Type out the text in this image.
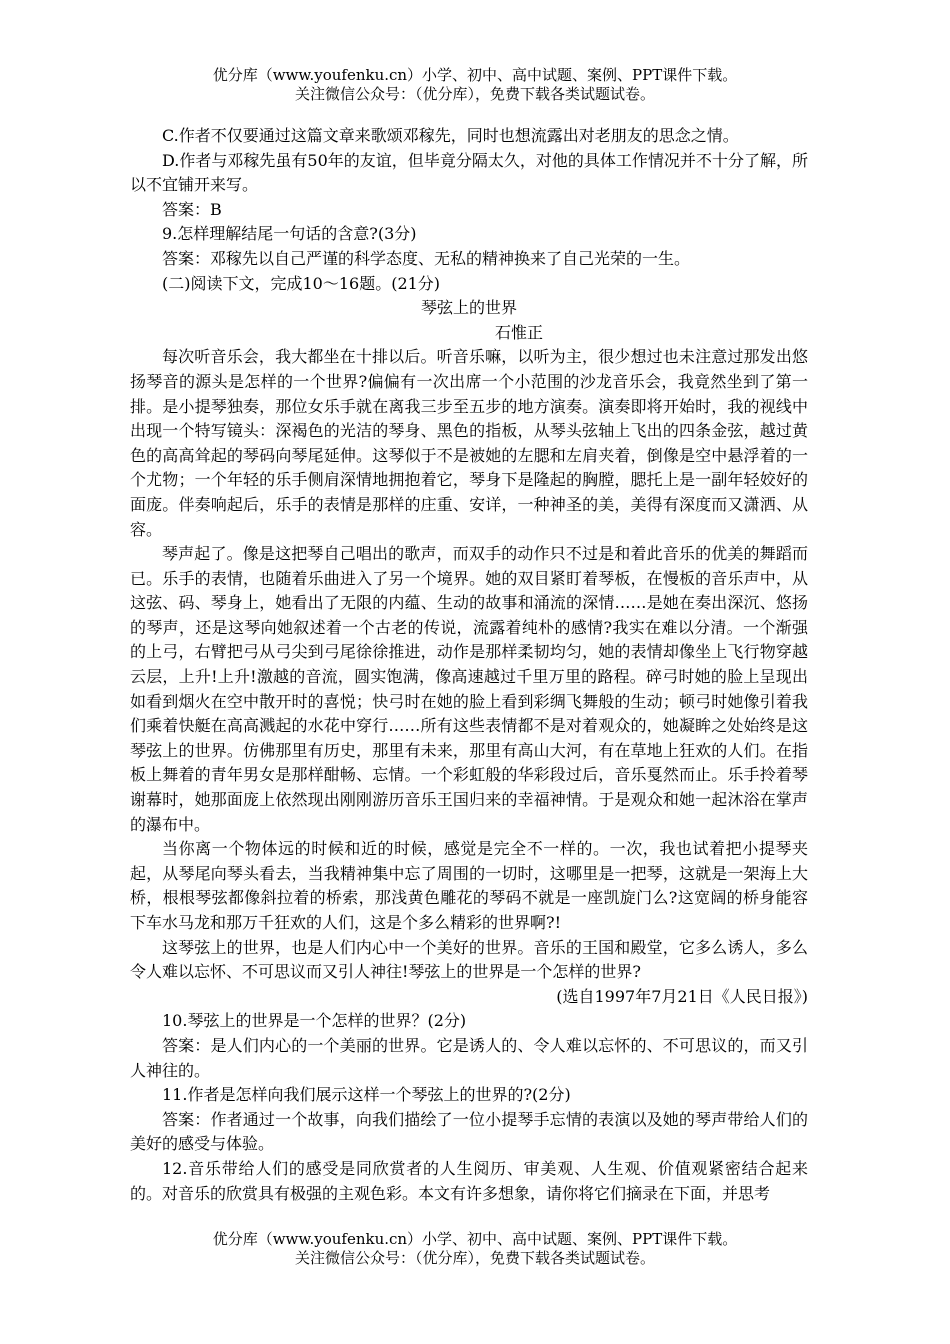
优分库（www.youfenku.cn）小学、初中、高中试题、案例、PPT课件下载。
关注微信公众号：（优分库），免费下载各类试题试卷。

C.作者不仅要通过这篇文章来歌颂邓稼先，同时也想流露出对老朋友的思念之情。

D.作者与邓稼先虽有50年的友谊，但毕竟分隔太久，对他的具体工作情况并不十分了解，所以不宜铺开来写。

答案：B

9.怎样理解结尾一句话的含意?(3分)

答案：邓稼先以自己严谨的科学态度、无私的精神换来了自己光荣的一生。

(二)阅读下文，完成10～16题。(21分)

琴弦上的世界

石惟正

每次听音乐会，我大都坐在十排以后。听音乐嘛，以听为主，很少想过也未注意过那发出悠扬琴音的源头是怎样的一个世界?偏偏有一次出席一个小范围的沙龙音乐会，我竟然坐到了第一排。是小提琴独奏，那位女乐手就在离我三步至五步的地方演奏。演奏即将开始时，我的视线中出现一个特写镜头：深褐色的光洁的琴身、黑色的指板，从琴头弦轴上飞出的四条金弦，越过黄色的高高耸起的琴码向琴尾延伸。这琴似于不是被她的左腮和左肩夹着，倒像是空中悬浮着的一个尤物；一个年轻的乐手侧肩深情地拥抱着它，琴身下是隆起的胸膛，腮托上是一副年轻姣好的面庞。伴奏响起后，乐手的表情是那样的庄重、安详，一种神圣的美，美得有深度而又潇洒、从容。

琴声起了。像是这把琴自己唱出的歌声，而双手的动作只不过是和着此音乐的优美的舞蹈而已。乐手的表情，也随着乐曲进入了另一个境界。她的双目紧盯着琴板，在慢板的音乐声中，从这弦、码、琴身上，她看出了无限的内蕴、生动的故事和涌流的深情……是她在奏出深沉、悠扬的琴声，还是这琴向她叙述着一个古老的传说，流露着纯朴的感情?我实在难以分清。一个渐强的上弓，右臂把弓从弓尖到弓尾徐徐推进，动作是那样柔韧均匀，她的表情却像坐上飞行物穿越云层，上升!上升!激越的音流，圆实饱满，像高速越过千里万里的路程。碎弓时她的脸上呈现出如看到烟火在空中散开时的喜悦；快弓时在她的脸上看到彩绸飞舞般的生动；顿弓时她像引着我们乘着快艇在高高溅起的水花中穿行……所有这些表情都不是对着观众的，她凝眸之处始终是这琴弦上的世界。仿佛那里有历史，那里有未来，那里有高山大河，有在草地上狂欢的人们。在指板上舞着的青年男女是那样酣畅、忘情。一个彩虹般的华彩段过后，音乐戛然而止。乐手拎着琴谢幕时，她那面庞上依然现出刚刚游历音乐王国归来的幸福神情。于是观众和她一起沐浴在掌声的瀑布中。

当你离一个物体远的时候和近的时候，感觉是完全不一样的。一次，我也试着把小提琴夹起，从琴尾向琴头看去，当我精神集中忘了周围的一切时，这哪里是一把琴，这就是一架海上大桥，根根琴弦都像斜拉着的桥索，那浅黄色雕花的琴码不就是一座凯旋门么?这宽阔的桥身能容下车水马龙和那万千狂欢的人们，这是个多么精彩的世界啊?!

这琴弦上的世界，也是人们内心中一个美好的世界。音乐的王国和殿堂，它多么诱人，多么令人难以忘怀、不可思议而又引人神往!琴弦上的世界是一个怎样的世界?

(选自1997年7月21日《人民日报》)

10.琴弦上的世界是一个怎样的世界？(2分)

答案：是人们内心的一个美丽的世界。它是诱人的、令人难以忘怀的、不可思议的，而又引人神往的。

11.作者是怎样向我们展示这样一个琴弦上的世界的?(2分)

答案：作者通过一个故事，向我们描绘了一位小提琴手忘情的表演以及她的琴声带给人们的美好的感受与体验。

12.音乐带给人们的感受是同欣赏者的人生阅历、审美观、人生观、价值观紧密结合起来的。对音乐的欣赏具有极强的主观色彩。本文有许多想象，请你将它们摘录在下面，并思考

优分库（www.youfenku.cn）小学、初中、高中试题、案例、PPT课件下载。
关注微信公众号：（优分库），免费下载各类试题试卷。
